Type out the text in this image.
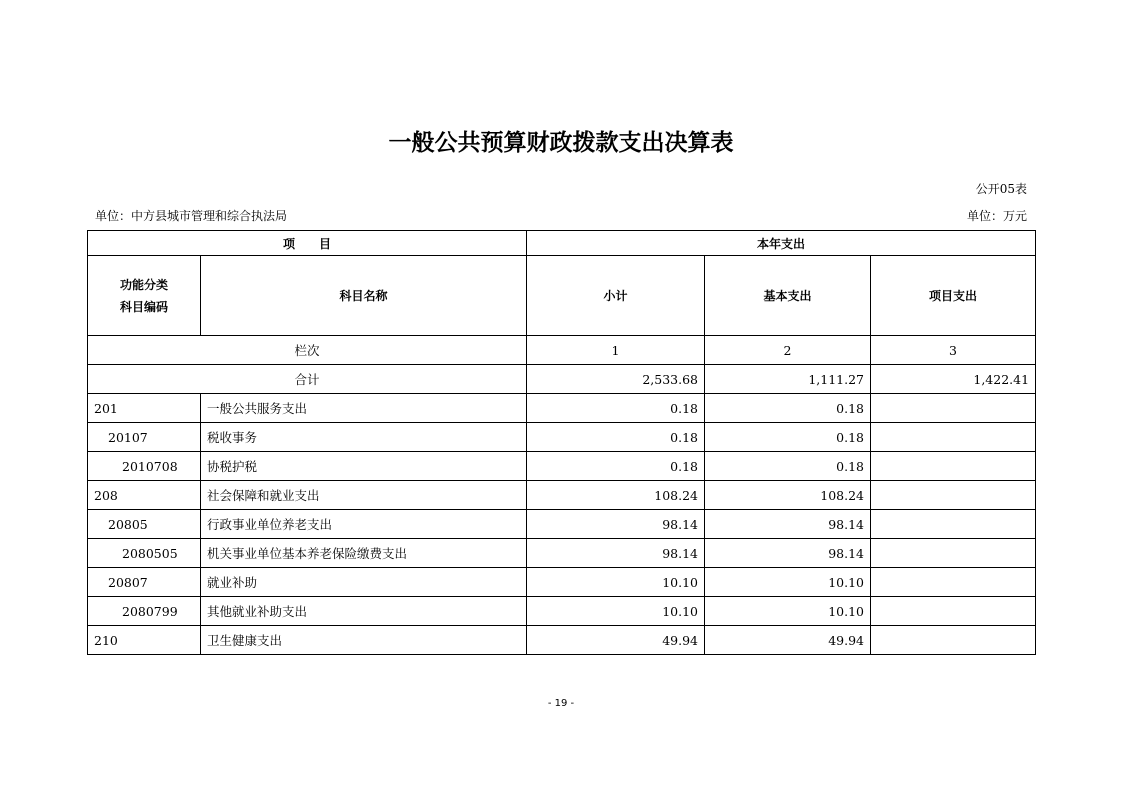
一般公共预算财政拨款支出决算表
公开05表
单位：中方县城市管理和综合执法局	单位：万元
项　　目		本年支出		

功能分类
科目编码	科目名称	小计	基本支出	项目支出
栏次		1	2	3
合计		2,533.68	1,111.27	1,422.41
201	一般公共服务支出	0.18	0.18	
20107	税收事务	0.18	0.18	
2010708	协税护税	0.18	0.18	
208	社会保障和就业支出	108.24	108.24	
20805	行政事业单位养老支出	98.14	98.14	
2080505	机关事业单位基本养老保险缴费支出	98.14	98.14	
20807	就业补助	10.10	10.10	
2080799	其他就业补助支出	10.10	10.10	
210	卫生健康支出	49.94	49.94	
- 19 -
